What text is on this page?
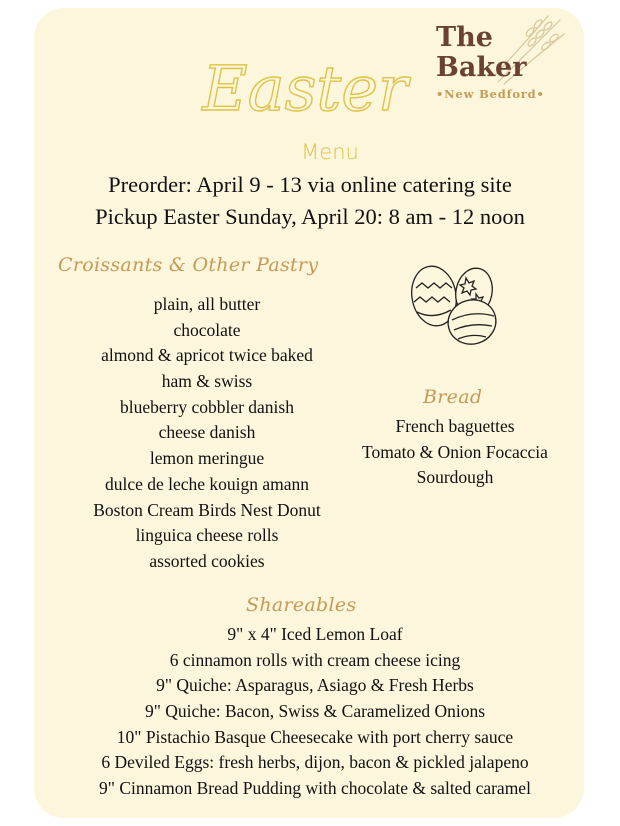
The
Baker
•New Bedford•
Easter
Menu
Preorder: April 9 - 13 via online catering site
Pickup Easter Sunday, April 20: 8 am - 12 noon
Croissants & Other Pastry
plain, all butter
chocolate
almond & apricot twice baked
ham & swiss
blueberry cobbler danish
cheese danish
lemon meringue
dulce de leche kouign amann
Boston Cream Birds Nest Donut
linguica cheese rolls
assorted cookies
Bread
French baguettes
Tomato & Onion Focaccia
Sourdough
Shareables
9" x 4" Iced Lemon Loaf
6 cinnamon rolls with cream cheese icing
9" Quiche: Asparagus, Asiago & Fresh Herbs
9" Quiche: Bacon, Swiss & Caramelized Onions
10" Pistachio Basque Cheesecake with port cherry sauce
6 Deviled Eggs: fresh herbs, dijon, bacon & pickled jalapeno
9" Cinnamon Bread Pudding with chocolate & salted caramel
